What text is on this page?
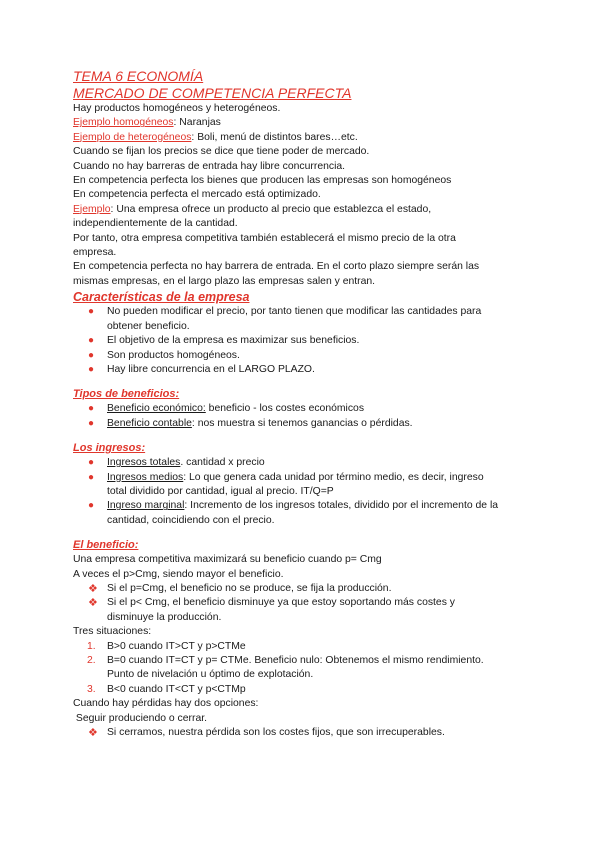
TEMA 6 ECONOMÍA
MERCADO DE COMPETENCIA PERFECTA
Hay productos homogéneos y heterogéneos.
Ejemplo homogéneos: Naranjas
Ejemplo de heterogéneos: Boli, menú de distintos bares…etc.
Cuando se fijan los precios se dice que tiene poder de mercado.
Cuando no hay barreras de entrada hay libre concurrencia.
En competencia perfecta los bienes que producen las empresas son homogéneos
En competencia perfecta el mercado está optimizado.
Ejemplo: Una empresa ofrece un producto al precio que establezca el estado,
independientemente de la cantidad.
Por tanto, otra empresa competitiva también establecerá el mismo precio de la otra
empresa.
En competencia perfecta no hay barrera de entrada. En el corto plazo siempre serán las
mismas empresas, en el largo plazo las empresas salen y entran.
Características de la empresa
● No pueden modificar el precio, por tanto tienen que modificar las cantidades para
obtener beneficio.
● El objetivo de la empresa es maximizar sus beneficios.
● Son productos homogéneos.
● Hay libre concurrencia en el LARGO PLAZO.
Tipos de beneficios:
● Beneficio económico: beneficio - los costes económicos
● Beneficio contable: nos muestra si tenemos ganancias o pérdidas.
Los ingresos:
● Ingresos totales. cantidad x precio
● Ingresos medios: Lo que genera cada unidad por término medio, es decir, ingreso
total dividido por cantidad, igual al precio. IT/Q=P
● Ingreso marginal: Incremento de los ingresos totales, dividido por el incremento de la
cantidad, coincidiendo con el precio.
El beneficio:
Una empresa competitiva maximizará su beneficio cuando p= Cmg
A veces el p>Cmg, siendo mayor el beneficio.
❖ Si el p=Cmg, el beneficio no se produce, se fija la producción.
❖ Si el p< Cmg, el beneficio disminuye ya que estoy soportando más costes y
disminuye la producción.
Tres situaciones:
1. B>0 cuando IT>CT y p>CTMe
2. B=0 cuando IT=CT y p= CTMe. Beneficio nulo: Obtenemos el mismo rendimiento.
Punto de nivelación u óptimo de explotación.
3. B<0 cuando IT<CT y p<CTMp
Cuando hay pérdidas hay dos opciones:
Seguir produciendo o cerrar.
❖ Si cerramos, nuestra pérdida son los costes fijos, que son irrecuperables.
